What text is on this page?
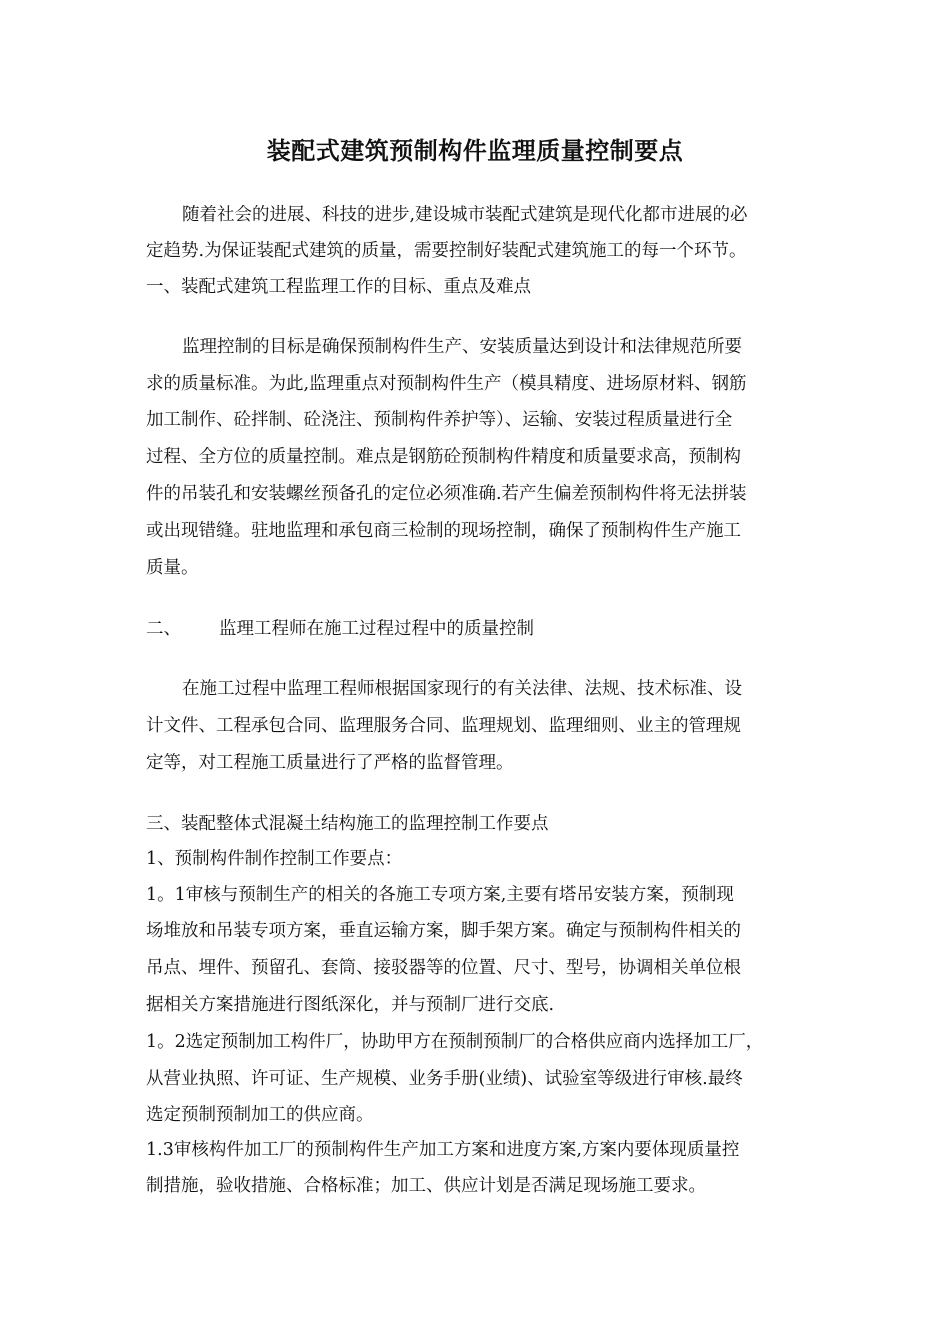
装配式建筑预制构件监理质量控制要点
随着社会的进展、科技的进步,建设城市装配式建筑是现代化都市进展的必
定趋势.为保证装配式建筑的质量，需要控制好装配式建筑施工的每一个环节。
一、装配式建筑工程监理工作的目标、重点及难点
监理控制的目标是确保预制构件生产、安装质量达到设计和法律规范所要
求的质量标准。为此,监理重点对预制构件生产（模具精度、进场原材料、钢筋
加工制作、砼拌制、砼浇注、预制构件养护等）、运输、安装过程质量进行全
过程、全方位的质量控制。难点是钢筋砼预制构件精度和质量要求高，预制构
件的吊装孔和安装螺丝预备孔的定位必须准确.若产生偏差预制构件将无法拼装
或出现错缝。驻地监理和承包商三检制的现场控制，确保了预制构件生产施工
质量。
二、 监理工程师在施工过程过程中的质量控制
在施工过程中监理工程师根据国家现行的有关法律、法规、技术标准、设
计文件、工程承包合同、监理服务合同、监理规划、监理细则、业主的管理规
定等，对工程施工质量进行了严格的监督管理。
三、装配整体式混凝土结构施工的监理控制工作要点
1、预制构件制作控制工作要点：
1。1审核与预制生产的相关的各施工专项方案,主要有塔吊安装方案，预制现
场堆放和吊装专项方案，垂直运输方案，脚手架方案。确定与预制构件相关的
吊点、埋件、预留孔、套筒、接驳器等的位置、尺寸、型号，协调相关单位根
据相关方案措施进行图纸深化，并与预制厂进行交底.
1。2选定预制加工构件厂，协助甲方在预制预制厂的合格供应商内选择加工厂，
从营业执照、许可证、生产规模、业务手册(业绩)、试验室等级进行审核.最终
选定预制预制加工的供应商。
1.3审核构件加工厂的预制构件生产加工方案和进度方案,方案内要体现质量控
制措施，验收措施、合格标准；加工、供应计划是否满足现场施工要求。
